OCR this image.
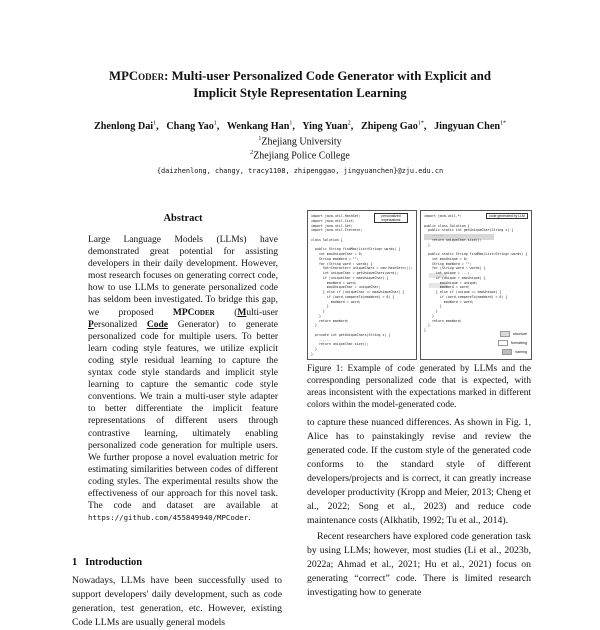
MPCoder: Multi-user Personalized Code Generator with Explicit and
Implicit Style Representation Learning
Zhenlong Dai$^1$, Chang Yao$^1$, Wenkang Han$^1$, Ying Yuan$^2$, Zhipeng Gao$^{1*}$, Jingyuan Chen$^{1*}$
$^1$Zhejiang University
$^2$Zhejiang Police College
{daizhenlong, changy, tracy1108, zhipenggao, jingyuanchen}@zju.edu.cn
Abstract
Large Language Models (LLMs) have demonstrated great potential for assisting developers in their daily development. However, most research focuses on generating correct code, how to use LLMs to generate personalized code has seldom been investigated. To bridge this gap, we proposed MPCoder (Multi-user Personalized Code Generator) to generate personalized code for multiple users. To better learn coding style features, we utilize explicit coding style residual learning to capture the syntax code style standards and implicit style learning to capture the semantic code style conventions. We train a multi-user style adapter to better differentiate the implicit feature representations of different users through contrastive learning, ultimately enabling personalized code generation for multiple users. We further propose a novel evaluation metric for estimating similarities between codes of different coding styles. The experimental results show the effectiveness of our approach for this novel task. The code and dataset are available at https://github.com/455849940/MPCoder.
1 Introduction
Nowadays, LLMs have been successfully used to support developers' daily development, such as code generation, test generation, etc. However, existing Code LLMs are usually general models
import java.util.HashSet;
import java.util.List;
import java.util.Set;
import java.util.Iterator;

class Solution {

public String findMax(List<String> words) {
int maxUniqueChar = 0;
String maxWord = "";
for (String word : words) {
Set<Character> uniqueChars = new HashSet<>();
int uniqueChar = getUniqueChars(word);
if (uniqueChar > maxUniqueChar) {
maxWord = word;
maxUniqueChar = uniqueChar;
} else if (uniqueChar == maxUniqueChar) {
if (word.compareTo(maxWord) < 0) {
maxWord = word;
}
}
}
return maxWord;
}

private int getUniqueChars(String s) {
......
return uniqueChar.size();
}
}
personalized expectations
import java.util.*;

public class Solution {
public static int getUniqueChar(String s) {
......
return uniqueChar.size();
}

public static String findMax(List<String> words) {
int maxUnique = 0;
String maxWord = "";
for (String word : words) {
int unique = ...;
if (unique > maxUnique) {
maxUnique = unique;
maxWord = word;
} else if (unique == maxUnique) {
if (word.compareTo(maxWord) < 0) {
maxWord = word;
}
}
}
return maxWord;
}
}
code generated by LLM
structure
formatting
naming
Figure 1: Example of code generated by LLMs and the corresponding personalized code that is expected, with areas inconsistent with the expectations marked in different colors within the model-generated code.

to capture these nuanced differences. As shown in Fig. 1, Alice has to painstakingly revise and review the generated code. If the custom style of the generated code conforms to the standard style of different developers/projects and is correct, it can greatly increase developer productivity (Kropp and Meier, 2013; Cheng et al., 2022; Song et al., 2023) and reduce code maintenance costs (Alkhatib, 1992; Tu et al., 2014).

Recent researchers have explored code generation task by using LLMs; however, most studies (Li et al., 2023b, 2022a; Ahmad et al., 2021; Hu et al., 2021) focus on generating “correct” code. There is limited research investigating how to generate
